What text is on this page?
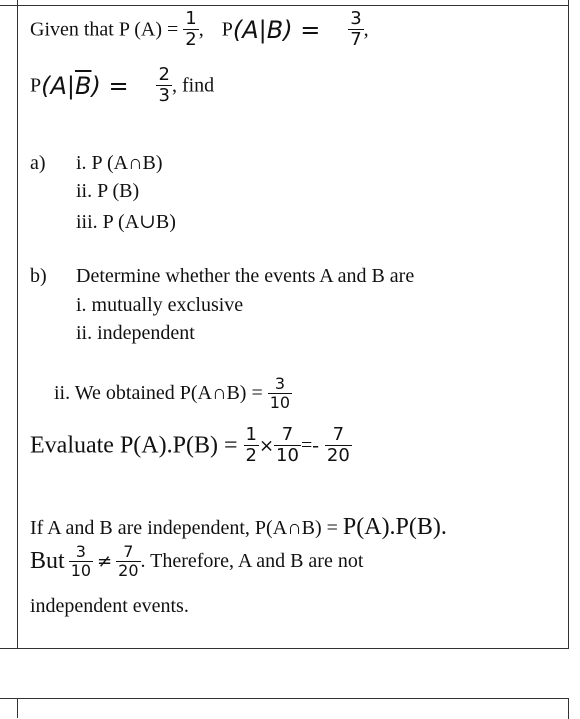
Given that P $(A) = \frac{1}{2}$ , $P(A|B) = \frac{3}{7}$ ,
$P(A|\overline{B}) = \frac{2}{3}$ , find
a) i. P (A∩B)
ii. P (B)
iii. P (A∪B)
b) Determine whether the events A and B are
i. mutually exclusive
ii. independent
ii. We obtained P(A∩B) = $\frac{3}{10}$
Evaluate $P(A).P(B) = \frac{1}{2} \times \frac{7}{10} =- \frac{7}{20}$
If A and B are independent, P(A∩B) = P(A).P(B).
But $\frac{3}{10} \ne \frac{7}{20}$ . Therefore, A and B are not
independent events.
